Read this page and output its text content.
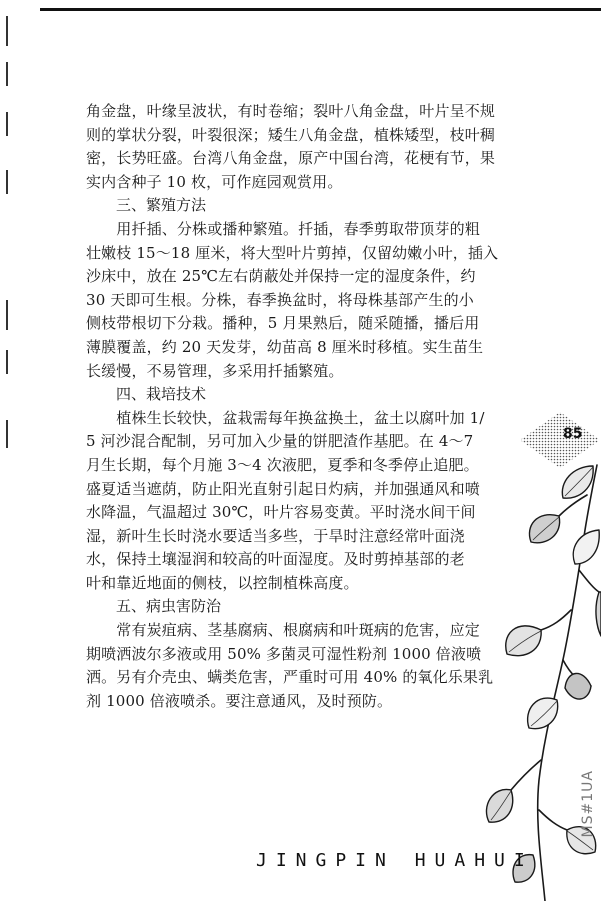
角金盘，叶缘呈波状，有时卷缩；裂叶八角金盘，叶片呈不规

则的掌状分裂，叶裂很深；矮生八角金盘，植株矮型，枝叶稠

密，长势旺盛。台湾八角金盘，原产中国台湾，花梗有节，果

实内含种子 10 枚，可作庭园观赏用。

三、繁殖方法

　　用扦插、分株或播种繁殖。扦插，春季剪取带顶芽的粗

壮嫩枝 15～18 厘米，将大型叶片剪掉，仅留幼嫩小叶，插入

沙床中，放在 25℃左右荫蔽处并保持一定的湿度条件，约

30 天即可生根。分株，春季换盆时，将母株基部产生的小

侧枝带根切下分栽。播种，5 月果熟后，随采随播，播后用

薄膜覆盖，约 20 天发芽，幼苗高 8 厘米时移植。实生苗生

长缓慢，不易管理，多采用扦插繁殖。

四、栽培技术

　　植株生长较快，盆栽需每年换盆换土，盆土以腐叶加 1/

5 河沙混合配制，另可加入少量的饼肥渣作基肥。在 4～7

月生长期，每个月施 3～4 次液肥，夏季和冬季停止追肥。

盛夏适当遮荫，防止阳光直射引起日灼病，并加强通风和喷

水降温，气温超过 30℃，叶片容易变黄。平时浇水间干间

湿，新叶生长时浇水要适当多些，于旱时注意经常叶面浇

水，保持土壤湿润和较高的叶面湿度。及时剪掉基部的老

叶和靠近地面的侧枝，以控制植株高度。

五、病虫害防治

　　常有炭疽病、茎基腐病、根腐病和叶斑病的危害，应定

期喷洒波尔多液或用 50% 多菌灵可湿性粉剂 1000 倍液喷

洒。另有介壳虫、螨类危害，严重时可用 40% 的氧化乐果乳

剂 1000 倍液喷杀。要注意通风，及时预防。

85
JINGPIN HUAHUI
MS#1UA
